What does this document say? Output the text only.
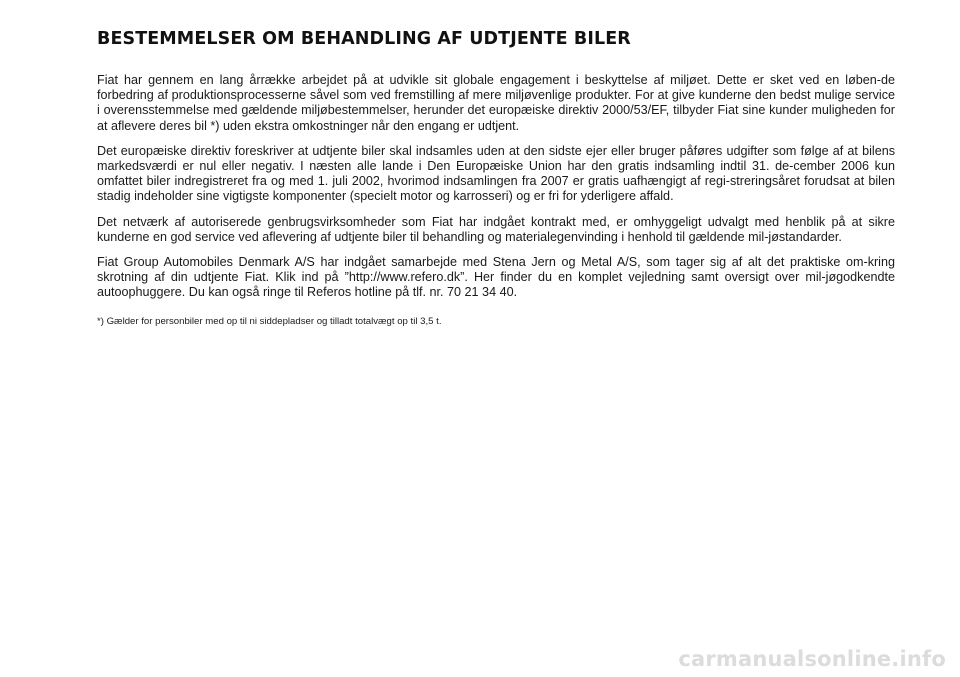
BESTEMMELSER OM BEHANDLING AF UDTJENTE BILER

Fiat har gennem en lang årrække arbejdet på at udvikle sit globale engagement i beskyttelse af miljøet. Dette er sket ved en løben-de forbedring af produktionsprocesserne såvel som ved fremstilling af mere miljøvenlige produkter. For at give kunderne den bedst mulige service i overensstemmelse med gældende miljøbestemmelser, herunder det europæiske direktiv 2000/53/EF, tilbyder Fiat sine kunder muligheden for at aflevere deres bil *) uden ekstra omkostninger når den engang er udtjent.

Det europæiske direktiv foreskriver at udtjente biler skal indsamles uden at den sidste ejer eller bruger påføres udgifter som følge af at bilens markedsværdi er nul eller negativ. I næsten alle lande i Den Europæiske Union har den gratis indsamling indtil 31. de-cember 2006 kun omfattet biler indregistreret fra og med 1. juli 2002, hvorimod indsamlingen fra 2007 er gratis uafhængigt af regi-streringsåret forudsat at bilen stadig indeholder sine vigtigste komponenter (specielt motor og karrosseri) og er fri for yderligere affald.

Det netværk af autoriserede genbrugsvirksomheder som Fiat har indgået kontrakt med, er omhyggeligt udvalgt med henblik på at sikre kunderne en god service ved aflevering af udtjente biler til behandling og materialegenvinding i henhold til gældende mil-jøstandarder.

Fiat Group Automobiles Denmark A/S har indgået samarbejde med Stena Jern og Metal A/S, som tager sig af alt det praktiske om-kring skrotning af din udtjente Fiat. Klik ind på ”http://www.refero.dk”. Her finder du en komplet vejledning samt oversigt over mil-jøgodkendte autoophuggere. Du kan også ringe til Referos hotline på tlf. nr. 70 21 34 40.

*) Gælder for personbiler med op til ni siddepladser og tilladt totalvægt op til 3,5 t.

carmanualsonline.info
